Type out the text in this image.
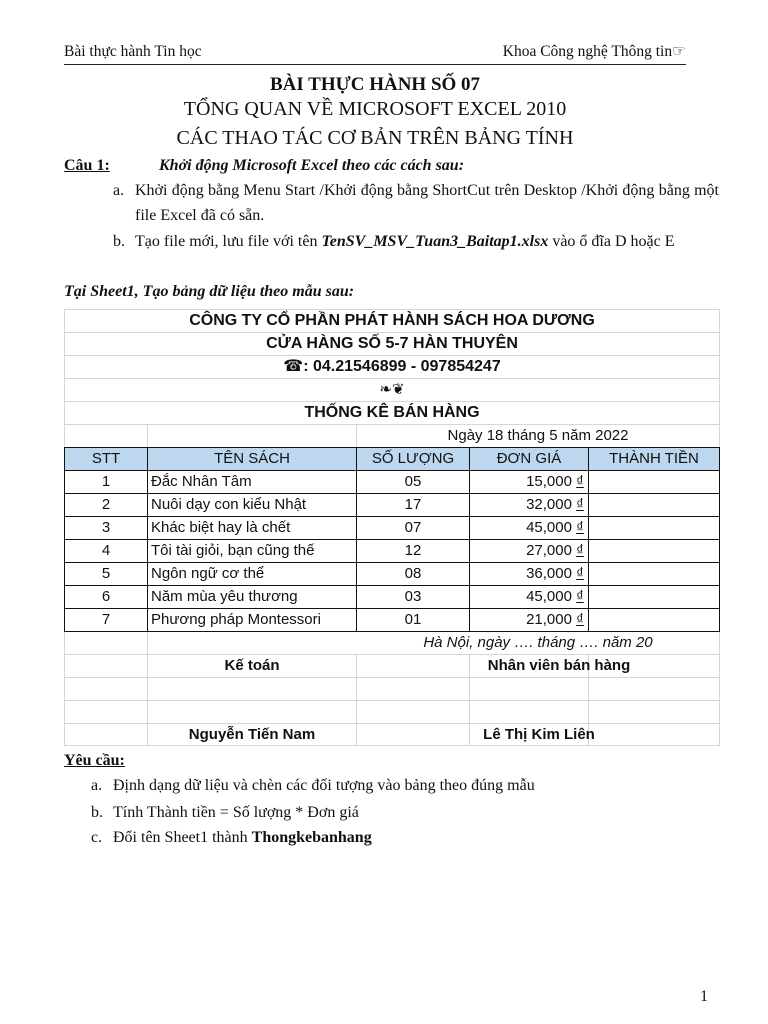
Bài thực hành Tin học	Khoa Công nghệ Thông tin☞
BÀI THỰC HÀNH SỐ 07
TỔNG QUAN VỀ MICROSOFT EXCEL 2010
CÁC THAO TÁC CƠ BẢN TRÊN BẢNG TÍNH
Câu 1:	Khởi động Microsoft Excel theo các cách sau:
a. Khởi động bằng Menu Start /Khởi động bằng ShortCut trên Desktop /Khởi động bằng một file Excel đã có sẵn.
b. Tạo file mới, lưu file với tên TenSV_MSV_Tuan3_Baitap1.xlsx vào ổ đĩa D hoặc E
Tại Sheet1, Tạo bảng dữ liệu theo mẫu sau:
CÔNG TY CỔ PHẦN PHÁT HÀNH SÁCH HOA DƯƠNG
CỬA HÀNG SỐ 5-7 HÀN THUYÊN
☎: 04.21546899 - 097854247
❧❦
THỐNG KÊ BÁN HÀNG
Ngày 18 tháng 5 năm 2022
STT	TÊN SÁCH	SỐ LƯỢNG	ĐƠN GIÁ	THÀNH TIỀN
1	Đắc Nhân Tâm	05	15,000 ₫
2	Nuôi dạy con kiểu Nhật	17	32,000 ₫
3	Khác biệt hay là chết	07	45,000 ₫
4	Tôi tài giỏi, bạn cũng thế	12	27,000 ₫
5	Ngôn ngữ cơ thể	08	36,000 ₫
6	Năm mùa yêu thương	03	45,000 ₫
7	Phương pháp Montessori	01	21,000 ₫
Hà Nội, ngày …. tháng …. năm 20
Kế toán	Nhân viên bán hàng
Nguyễn Tiến Nam	Lê Thị Kim Liên
Yêu cầu:
a. Định dạng dữ liệu và chèn các đối tượng vào bảng theo đúng mẫu
b. Tính Thành tiền = Số lượng * Đơn giá
c. Đổi tên Sheet1 thành Thongkebanhang
1
